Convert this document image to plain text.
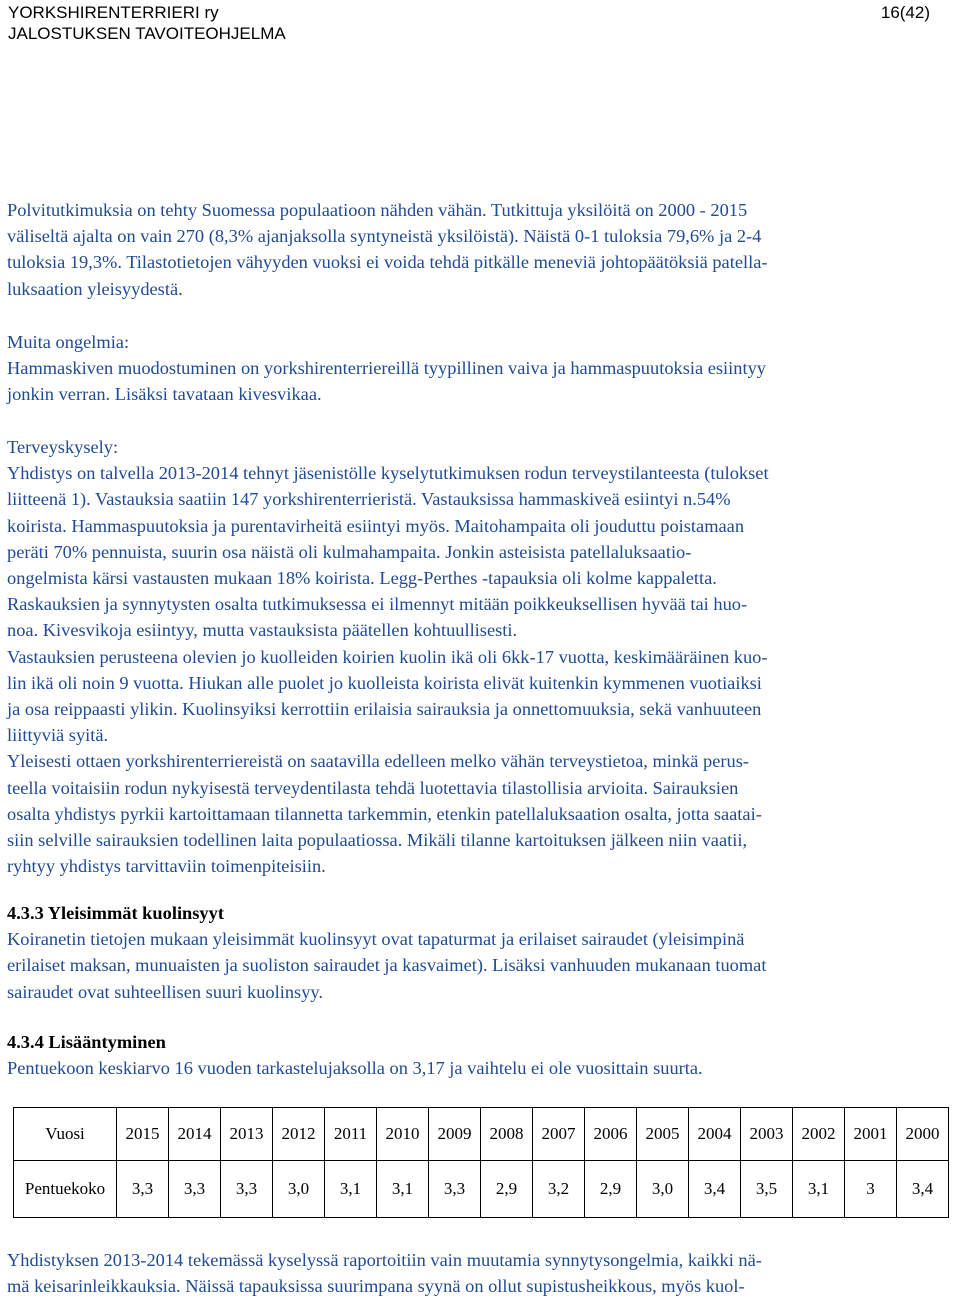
YORKSHIRENTERRIERI ry
JALOSTUKSEN TAVOITEOHJELMA
16(42)
Polvitutkimuksia on tehty Suomessa populaatioon nähden vähän. Tutkittuja yksilöitä on 2000 - 2015
väliseltä ajalta on vain 270 (8,3% ajanjaksolla syntyneistä yksilöistä). Näistä 0-1 tuloksia 79,6% ja 2-4
tuloksia 19,3%. Tilastotietojen vähyyden vuoksi ei voida tehdä pitkälle meneviä johtopäätöksiä patella-
luksaation yleisyydestä.
Muita ongelmia:
Hammaskiven muodostuminen on yorkshirenterriereillä tyypillinen vaiva ja hammaspuutoksia esiintyy
jonkin verran. Lisäksi tavataan kivesvikaa.
Terveyskysely:
Yhdistys on talvella 2013-2014 tehnyt jäsenistölle kyselytutkimuksen rodun terveystilanteesta (tulokset
liitteenä 1). Vastauksia saatiin 147 yorkshirenterrieristä. Vastauksissa hammaskiveä esiintyi n.54%
koirista. Hammaspuutoksia ja purentavirheitä esiintyi myös. Maitohampaita oli jouduttu poistamaan
peräti 70% pennuista, suurin osa näistä oli kulmahampaita. Jonkin asteisista patellaluksaatio-
ongelmista kärsi vastausten mukaan 18% koirista. Legg-Perthes -tapauksia oli kolme kappaletta.
Raskauksien ja synnytysten osalta tutkimuksessa ei ilmennyt mitään poikkeuksellisen hyvää tai huo-
noa. Kivesvikoja esiintyy, mutta vastauksista päätellen kohtuullisesti.
Vastauksien perusteena olevien jo kuolleiden koirien kuolin ikä oli 6kk-17 vuotta, keskimääräinen kuo-
lin ikä oli noin 9 vuotta. Hiukan alle puolet jo kuolleista koirista elivät kuitenkin kymmenen vuotiaiksi
ja osa reippaasti ylikin. Kuolinsyiksi kerrottiin erilaisia sairauksia ja onnettomuuksia, sekä vanhuuteen
liittyviä syitä.
Yleisesti ottaen yorkshirenterriereistä on saatavilla edelleen melko vähän terveystietoa, minkä perus-
teella voitaisiin rodun nykyisestä terveydentilasta tehdä luotettavia tilastollisia arvioita. Sairauksien
osalta yhdistys pyrkii kartoittamaan tilannetta tarkemmin, etenkin patellaluksaation osalta, jotta saatai-
siin selville sairauksien todellinen laita populaatiossa. Mikäli tilanne kartoituksen jälkeen niin vaatii,
ryhtyy yhdistys tarvittaviin toimenpiteisiin.
4.3.3 Yleisimmät kuolinsyyt
Koiranetin tietojen mukaan yleisimmät kuolinsyyt ovat tapaturmat ja erilaiset sairaudet (yleisimpinä
erilaiset maksan, munuaisten ja suoliston sairaudet ja kasvaimet). Lisäksi vanhuuden mukanaan tuomat
sairaudet ovat suhteellisen suuri kuolinsyy.
4.3.4 Lisääntyminen
Pentuekoon keskiarvo 16 vuoden tarkastelujaksolla on 3,17 ja vaihtelu ei ole vuosittain suurta.
Vuosi	2015	2014	2013	2012	2011	2010	2009	2008	2007	2006	2005	2004	2003	2002	2001	2000
Pentuekoko	3,3	3,3	3,3	3,0	3,1	3,1	3,3	2,9	3,2	2,9	3,0	3,4	3,5	3,1	3	3,4
Yhdistyksen 2013-2014 tekemässä kyselyssä raportoitiin vain muutamia synnytysongelmia, kaikki nä-
mä keisarinleikkauksia. Näissä tapauksissa suurimpana syynä on ollut supistusheikkous, myös kuol-
